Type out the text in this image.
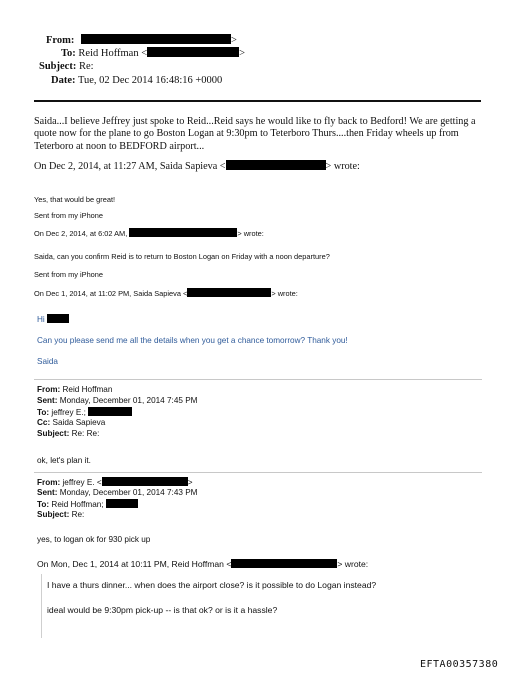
From:	>
To: Reid Hoffman <	>
Subject: Re:
Date: Tue, 02 Dec 2014 16:48:16 +0000
Saida...I believe Jeffrey just spoke to Reid...Reid says he would like to fly back to Bedford! We are getting a quote now for the plane to go Boston Logan at 9:30pm to Teterboro Thurs....then Friday wheels up from Teterboro at noon to BEDFORD airport...
On Dec 2, 2014, at 11:27 AM, Saida Sapieva <	> wrote:
Yes, that would be great!
Sent from my iPhone
On Dec 2, 2014, at 6:02 AM,	> wrote:
Saida, can you confirm Reid is to return to Boston Logan on Friday with a noon departure?
Sent from my iPhone
On Dec 1, 2014, at 11:02 PM, Saida Sapieva <	> wrote:
Hi
Can you please send me all the details when you get a chance tomorrow? Thank you!
Saida
From: Reid Hoffman
Sent: Monday, December 01, 2014 7:45 PM
To: jeffrey E.;
Cc: Saida Sapieva
Subject: Re: Re:
ok, let's plan it.
From: jeffrey E. <	>
Sent: Monday, December 01, 2014 7:43 PM
To: Reid Hoffman;
Subject: Re:
yes, to logan ok for 930 pick up
On Mon, Dec 1, 2014 at 10:11 PM, Reid Hoffman <	> wrote:
I have a thurs dinner... when does the airport close? is it possible to do Logan instead?
ideal would be 9:30pm pick-up -- is that ok? or is it a hassle?
EFTA00357380
